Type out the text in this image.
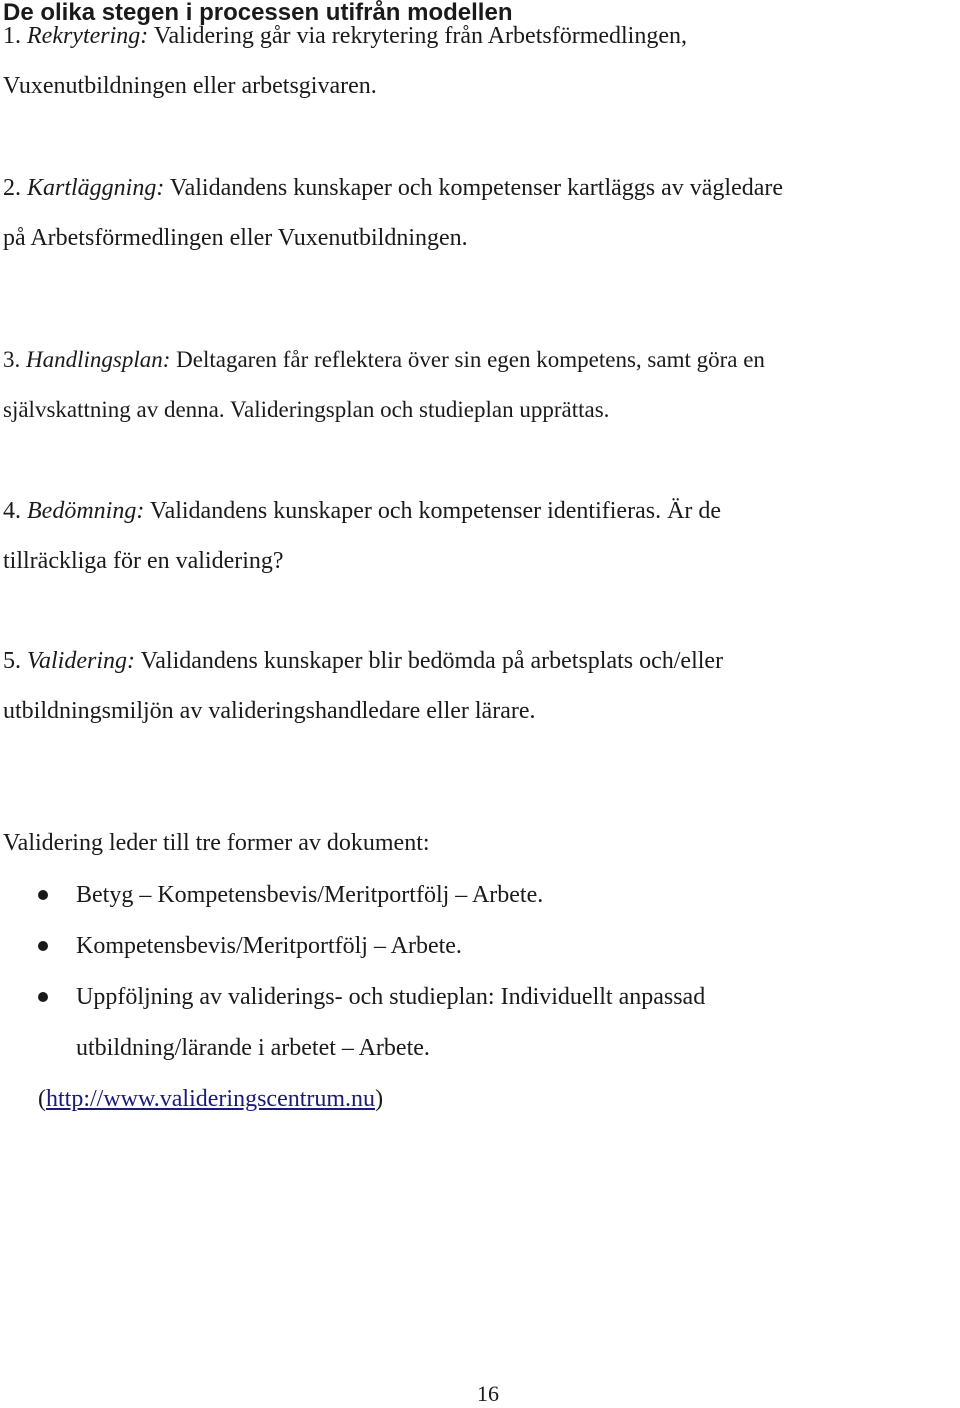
De olika stegen i processen utifrån modellen
1. Rekrytering: Validering går via rekrytering från Arbetsförmedlingen,
Vuxenutbildningen eller arbetsgivaren.
2. Kartläggning: Validandens kunskaper och kompetenser kartläggs av vägledare
på Arbetsförmedlingen eller Vuxenutbildningen.
3. Handlingsplan: Deltagaren får reflektera över sin egen kompetens, samt göra en
självskattning av denna. Valideringsplan och studieplan upprättas.
4. Bedömning: Validandens kunskaper och kompetenser identifieras. Är de
tillräckliga för en validering?
5. Validering: Validandens kunskaper blir bedömda på arbetsplats och/eller
utbildningsmiljön av valideringshandledare eller lärare.
Validering leder till tre former av dokument:
Betyg – Kompetensbevis/Meritportfölj – Arbete.
Kompetensbevis/Meritportfölj – Arbete.
Uppföljning av validerings- och studieplan: Individuellt anpassad
utbildning/lärande i arbetet – Arbete.
(http://www.valideringscentrum.nu)
16
